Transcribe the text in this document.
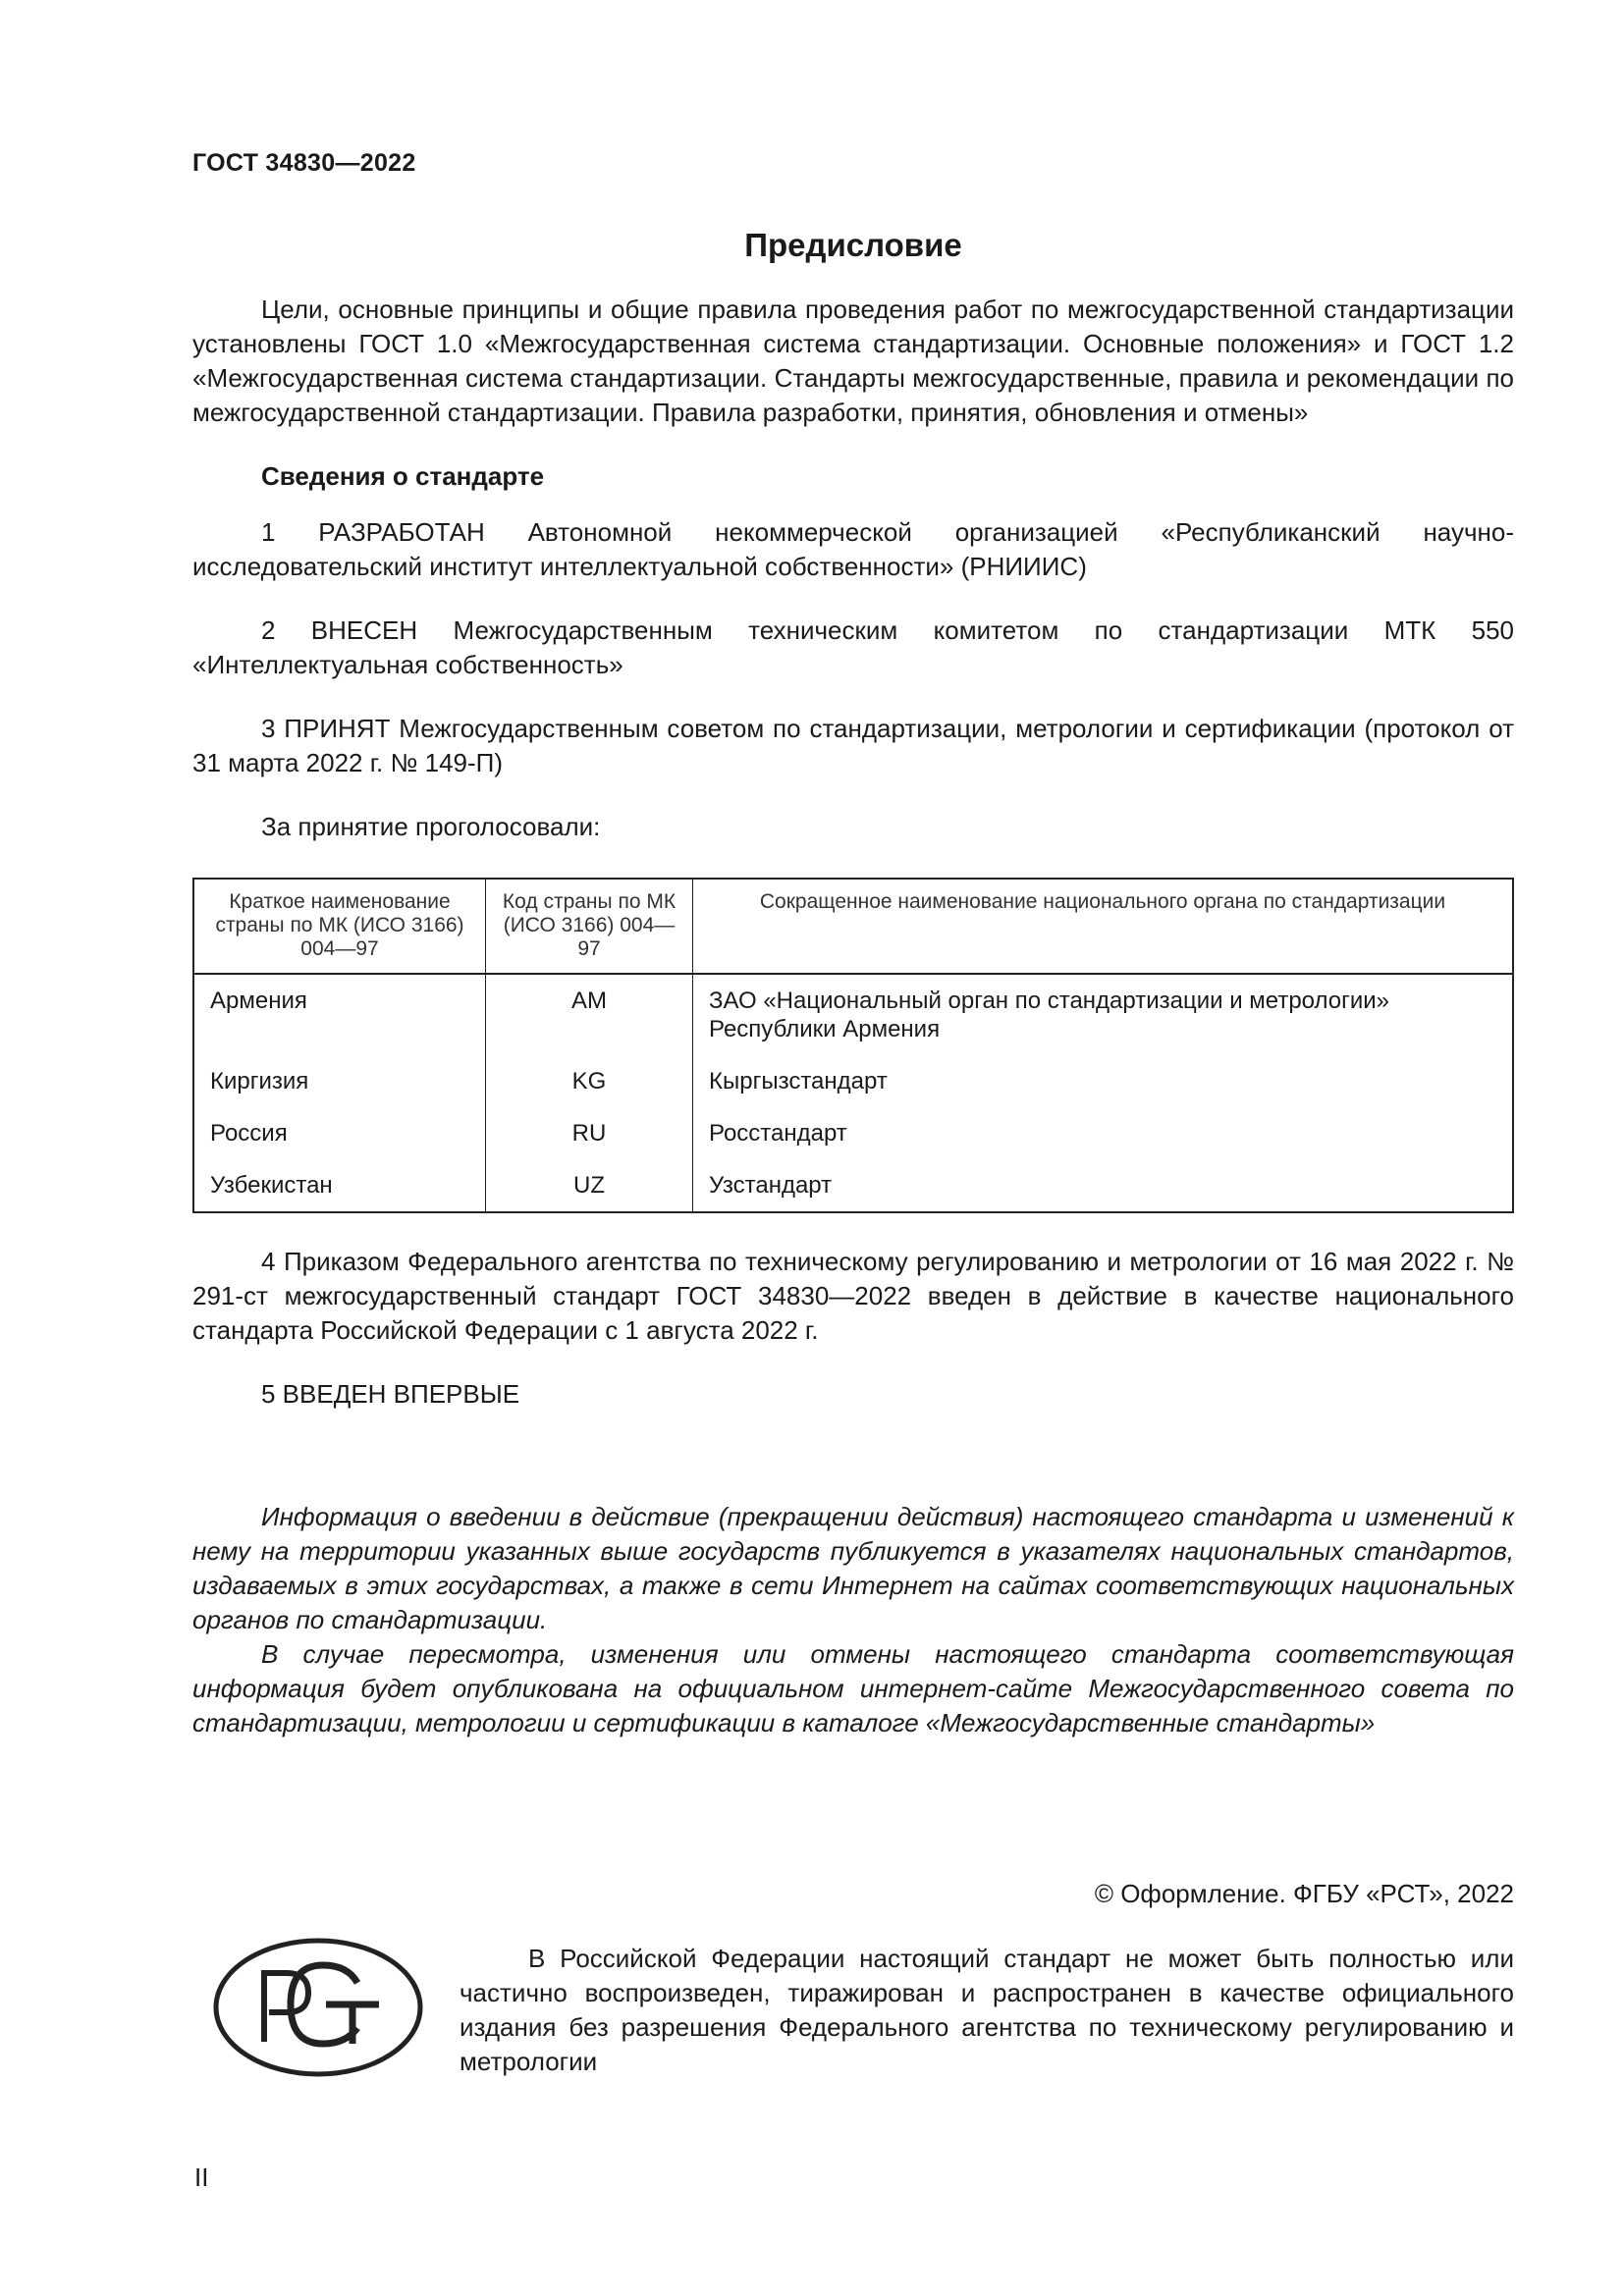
ГОСТ 34830—2022
Предисловие

Цели, основные принципы и общие правила проведения работ по межгосударственной стандартизации установлены ГОСТ 1.0 «Межгосударственная система стандартизации. Основные положения» и ГОСТ 1.2 «Межгосударственная система стандартизации. Стандарты межгосударственные, правила и рекомендации по межгосударственной стандартизации. Правила разработки, принятия, обновления и отмены»

Сведения о стандарте

1 РАЗРАБОТАН Автономной некоммерческой организацией «Республиканский научно-исследовательский институт интеллектуальной собственности» (РНИИИС)

2 ВНЕСЕН Межгосударственным техническим комитетом по стандартизации МТК 550 «Интеллектуальная собственность»

3 ПРИНЯТ Межгосударственным советом по стандартизации, метрологии и сертификации (протокол от 31 марта 2022 г. № 149-П)

За принятие проголосовали:

Краткое наименование страны по МК (ИСО 3166) 004—97	Код страны по МК (ИСО 3166) 004—97	Сокращенное наименование национального органа по стандартизации
Армения	AM	ЗАО «Национальный орган по стандартизации и метрологии» Республики Армения
Киргизия	KG	Кыргызстандарт
Россия	RU	Росстандарт
Узбекистан	UZ	Узстандарт

4 Приказом Федерального агентства по техническому регулированию и метрологии от 16 мая 2022 г. № 291-ст межгосударственный стандарт ГОСТ 34830—2022 введен в действие в качестве национального стандарта Российской Федерации с 1 августа 2022 г.

5 ВВЕДЕН ВПЕРВЫЕ

Информация о введении в действие (прекращении действия) настоящего стандарта и изменений к нему на территории указанных выше государств публикуется в указателях национальных стандартов, издаваемых в этих государствах, а также в сети Интернет на сайтах соответствующих национальных органов по стандартизации.

В случае пересмотра, изменения или отмены настоящего стандарта соответствующая информация будет опубликована на официальном интернет-сайте Межгосударственного совета по стандартизации, метрологии и сертификации в каталоге «Межгосударственные стандарты»

© Оформление. ФГБУ «РСТ», 2022
В Российской Федерации настоящий стандарт не может быть полностью или частично воспроизведен, тиражирован и распространен в качестве официального издания без разрешения Федерального агентства по техническому регулированию и метрологии
II
